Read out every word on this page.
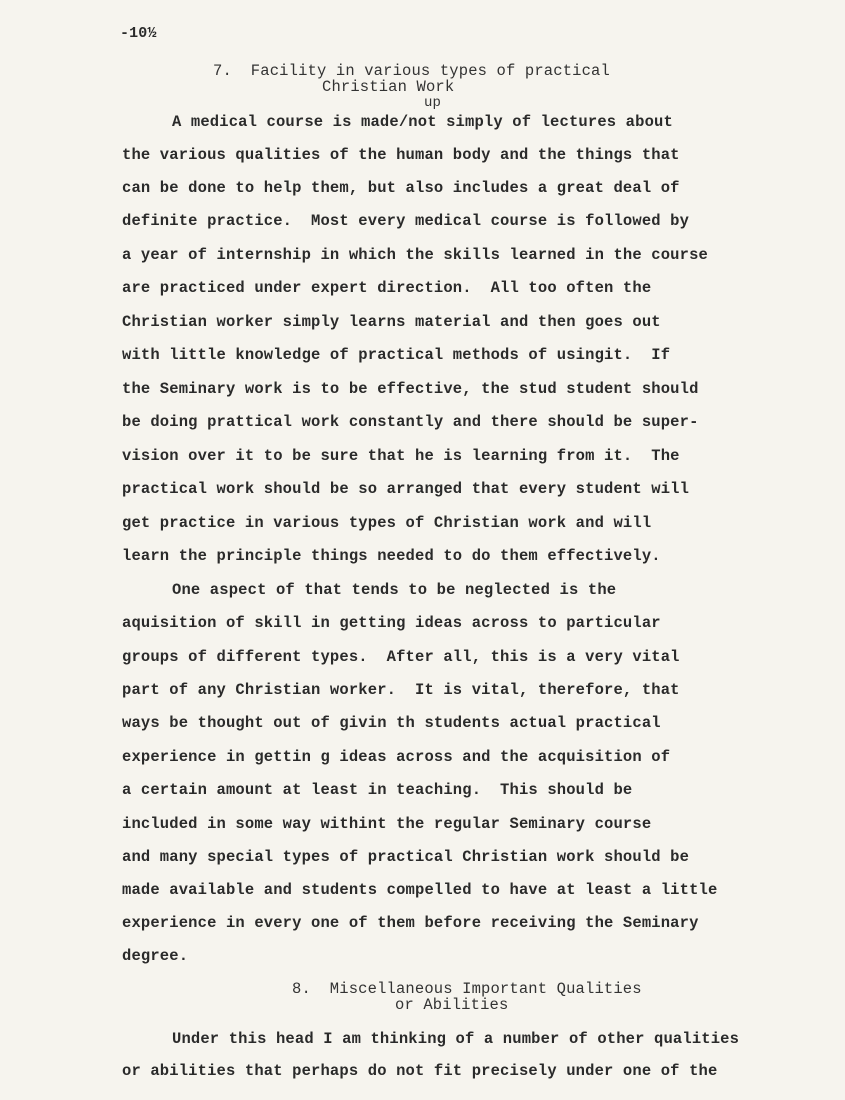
-10½
7.  Facility in various types of practical
Christian Work
up
A medical course is made/not simply of lectures about
the various qualities of the human body and the things that
can be done to help them, but also includes a great deal of
definite practice.  Most every medical course is followed by
a year of internship in which the skills learned in the course
are practiced under expert direction.  All too often the
Christian worker simply learns material and then goes out
with little knowledge of practical methods of usingit.  If
the Seminary work is to be effective, the stud student should
be doing prattical work constantly and there should be super-
vision over it to be sure that he is learning from it.  The
practical work should be so arranged that every student will
get practice in various types of Christian work and will
learn the principle things needed to do them effectively.
One aspect of that tends to be neglected is the
aquisition of skill in getting ideas across to particular
groups of different types.  After all, this is a very vital
part of any Christian worker.  It is vital, therefore, that
ways be thought out of givin th students actual practical
experience in gettin g ideas across and the acquisition of
a certain amount at least in teaching.  This should be
included in some way withint the regular Seminary course
and many special types of practical Christian work should be
made available and students compelled to have at least a little
experience in every one of them before receiving the Seminary
degree.
8.  Miscellaneous Important Qualities
or Abilities
Under this head I am thinking of a number of other qualities
or abilities that perhaps do not fit precisely under one of the
